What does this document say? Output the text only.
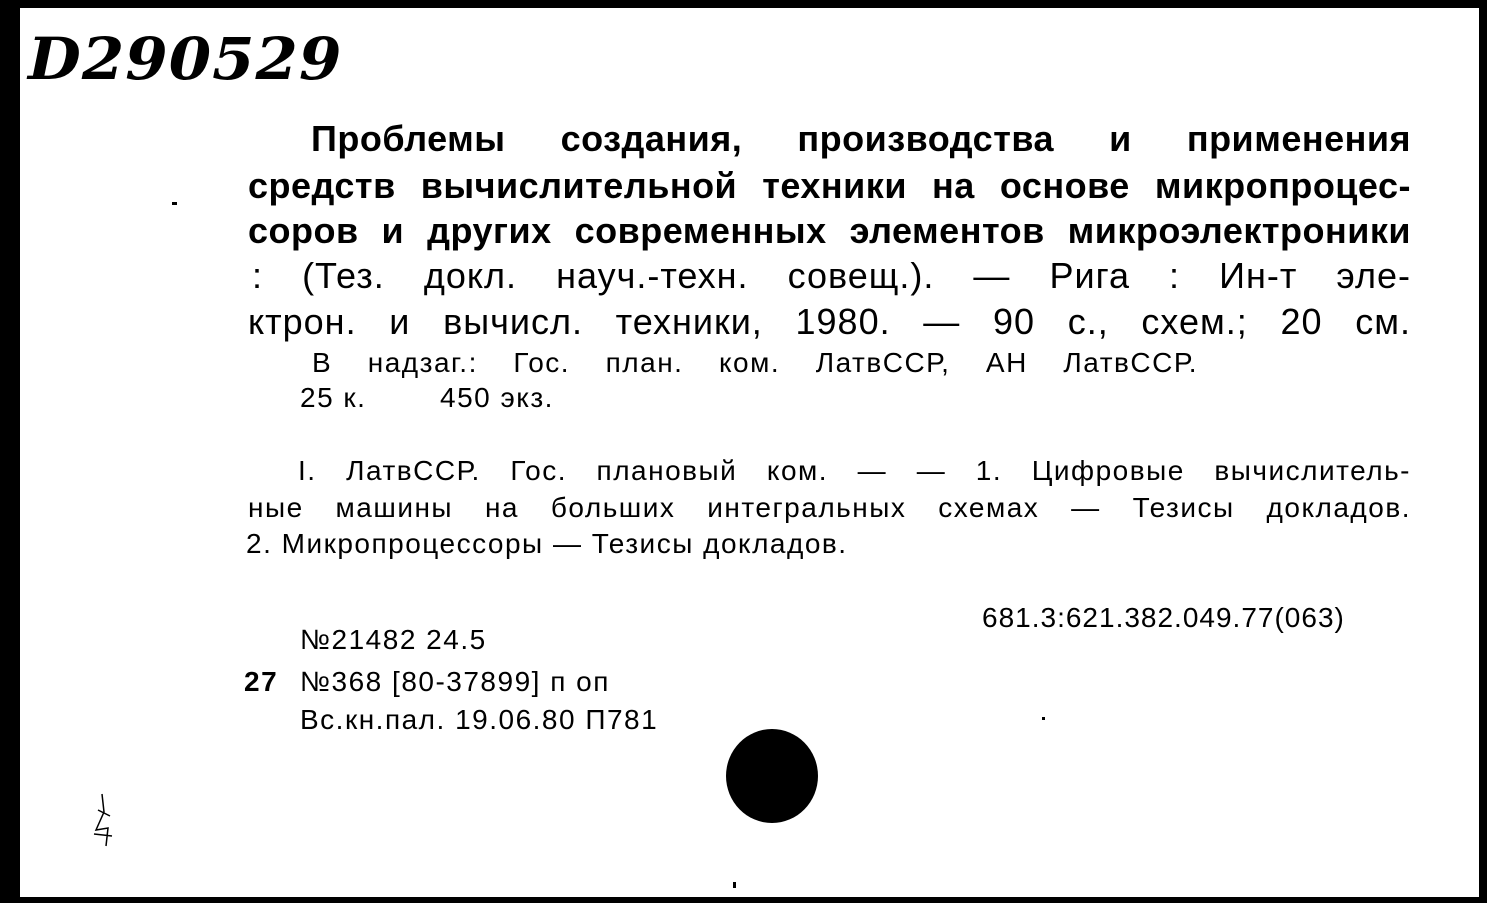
D290529
Проблемы создания, производства и применения
средств вычислительной техники на основе микропроцес-
соров и других современных элементов микроэлектроники
: (Тез. докл. науч.-техн. совещ.). — Рига : Ин-т эле-
ктрон. и вычисл. техники, 1980. — 90 с., схем.; 20 см.
В надзаг.: Гос. план. ком. ЛатвССР, АН ЛатвССР.
25 к.	450 экз.
I. ЛатвССР. Гос. плановый ком. — — 1. Цифровые вычислитель-
ные машины на больших интегральных схемах — Тезисы докладов.
2. Микропроцессоры — Тезисы докладов.
681.3:621.382.049.77(063)
№21482 24.5
27 №368 [80-37899] п оп
Вс.кн.пал. 19.06.80 П781
